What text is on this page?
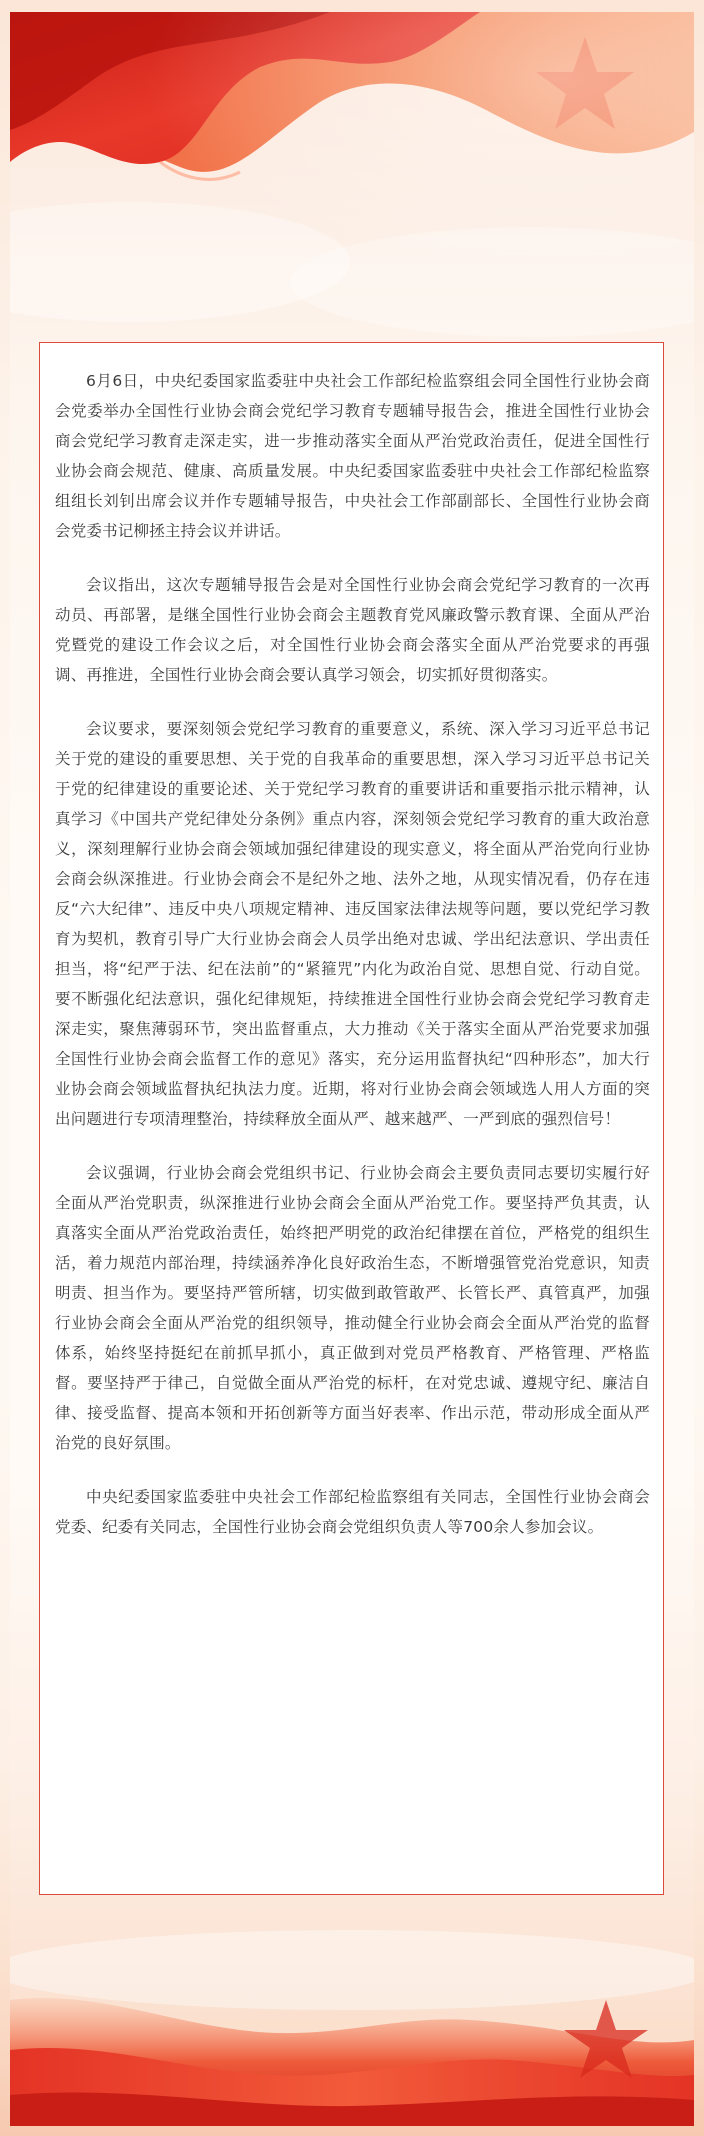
6月6日，中央纪委国家监委驻中央社会工作部纪检监察组会同全国性行业协会商会党委举办全国性行业协会商会党纪学习教育专题辅导报告会，推进全国性行业协会商会党纪学习教育走深走实，进一步推动落实全面从严治党政治责任，促进全国性行业协会商会规范、健康、高质量发展。中央纪委国家监委驻中央社会工作部纪检监察组组长刘钊出席会议并作专题辅导报告，中央社会工作部副部长、全国性行业协会商会党委书记柳拯主持会议并讲话。

会议指出，这次专题辅导报告会是对全国性行业协会商会党纪学习教育的一次再动员、再部署，是继全国性行业协会商会主题教育党风廉政警示教育课、全面从严治党暨党的建设工作会议之后，对全国性行业协会商会落实全面从严治党要求的再强调、再推进，全国性行业协会商会要认真学习领会，切实抓好贯彻落实。

会议要求，要深刻领会党纪学习教育的重要意义，系统、深入学习习近平总书记关于党的建设的重要思想、关于党的自我革命的重要思想，深入学习习近平总书记关于党的纪律建设的重要论述、关于党纪学习教育的重要讲话和重要指示批示精神，认真学习《中国共产党纪律处分条例》重点内容，深刻领会党纪学习教育的重大政治意义，深刻理解行业协会商会领域加强纪律建设的现实意义，将全面从严治党向行业协会商会纵深推进。行业协会商会不是纪外之地、法外之地，从现实情况看，仍存在违反“六大纪律”、违反中央八项规定精神、违反国家法律法规等问题，要以党纪学习教育为契机，教育引导广大行业协会商会人员学出绝对忠诚、学出纪法意识、学出责任担当，将“纪严于法、纪在法前”的“紧箍咒”内化为政治自觉、思想自觉、行动自觉。要不断强化纪法意识，强化纪律规矩，持续推进全国性行业协会商会党纪学习教育走深走实，聚焦薄弱环节，突出监督重点，大力推动《关于落实全面从严治党要求加强全国性行业协会商会监督工作的意见》落实，充分运用监督执纪“四种形态”，加大行业协会商会领域监督执纪执法力度。近期，将对行业协会商会领域选人用人方面的突出问题进行专项清理整治，持续释放全面从严、越来越严、一严到底的强烈信号！

会议强调，行业协会商会党组织书记、行业协会商会主要负责同志要切实履行好全面从严治党职责，纵深推进行业协会商会全面从严治党工作。要坚持严负其责，认真落实全面从严治党政治责任，始终把严明党的政治纪律摆在首位，严格党的组织生活，着力规范内部治理，持续涵养净化良好政治生态，不断增强管党治党意识，知责明责、担当作为。要坚持严管所辖，切实做到敢管敢严、长管长严、真管真严，加强行业协会商会全面从严治党的组织领导，推动健全行业协会商会全面从严治党的监督体系，始终坚持挺纪在前抓早抓小，真正做到对党员严格教育、严格管理、严格监督。要坚持严于律己，自觉做全面从严治党的标杆，在对党忠诚、遵规守纪、廉洁自律、接受监督、提高本领和开拓创新等方面当好表率、作出示范，带动形成全面从严治党的良好氛围。

中央纪委国家监委驻中央社会工作部纪检监察组有关同志，全国性行业协会商会党委、纪委有关同志，全国性行业协会商会党组织负责人等700余人参加会议。
